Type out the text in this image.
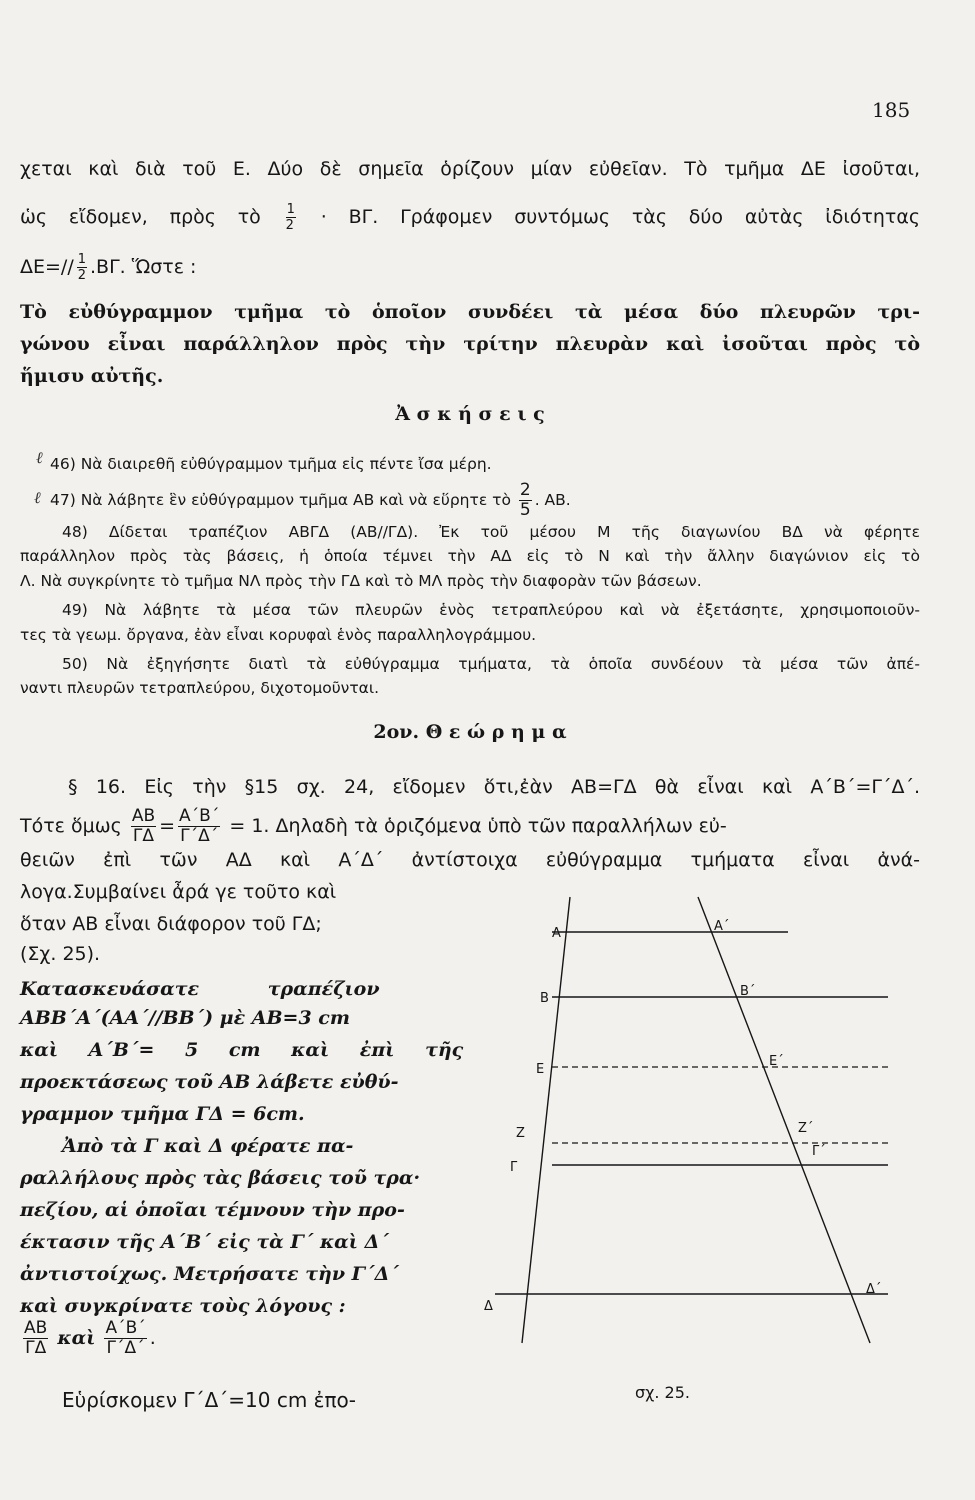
185
χεται καὶ διὰ τοῦ Ε. Δύο δὲ σημεῖα ὁρίζουν μίαν εὐθεῖαν. Τὸ τμῆμα ΔΕ ἰσοῦται,
ὡς εἴδομεν, πρὸς τὸ $\frac{1}{2} \cdot B\Gamma$. Γράφομεν συντόμως τὰς δύο αὐτὰς ἰδιότητας
$\Delta E=// \frac{1}{2} .B\Gamma$. Ὥστε :
Τὸ εὐθύγραμμον τμῆμα τὸ ὁποῖον συνδέει τὰ μέσα δύο πλευρῶν τρι-
γώνου εἶναι παράλληλον πρὸς τὴν τρίτην πλευρὰν καὶ ἰσοῦται πρὸς τὸ
ἥμισυ αὐτῆς.
Ἀ σ κ ή σ ε ι ς
ℓ 46) Νὰ διαιρεθῆ εὐθύγραμμον τμῆμα εἰς πέντε ἴσα μέρη.
ℓ 47) Νὰ λάβητε ἓν εὐθύγραμμον τμῆμα ΑΒ καὶ νὰ εὕρητε τὸ $\frac{2}{5}$ . ΑΒ.
48) Δίδεται τραπέζιον ΑΒΓΔ (ΑΒ//ΓΔ). Ἐκ τοῦ μέσου Μ τῆς διαγωνίου ΒΔ νὰ φέρητε
παράλληλον πρὸς τὰς βάσεις, ἡ ὁποία τέμνει τὴν ΑΔ εἰς τὸ Ν καὶ τὴν ἄλλην διαγώνιον εἰς τὸ
Λ. Νὰ συγκρίνητε τὸ τμῆμα ΝΛ πρὸς τὴν ΓΔ καὶ τὸ ΜΛ πρὸς τὴν διαφορὰν τῶν βάσεων.
49) Νὰ λάβητε τὰ μέσα τῶν πλευρῶν ἑνὸς τετραπλεύρου καὶ νὰ ἐξετάσητε, χρησιμοποιοῦν-
τες τὰ γεωμ. ὄργανα, ἐὰν εἶναι κορυφαὶ ἑνὸς παραλληλογράμμου.
50) Νὰ ἐξηγήσητε διατὶ τὰ εὐθύγραμμα τμήματα, τὰ ὁποῖα συνδέουν τὰ μέσα τῶν ἀπέ-
ναντι πλευρῶν τετραπλεύρου, διχοτομοῦνται.
2ον. Θ ε ώ ρ η μ α
§ 16. Εἰς τὴν §15 σχ. 24, εἴδομεν ὅτι,ἐὰν ΑΒ=ΓΔ θὰ εἶναι καὶ Α΄Β΄=Γ΄Δ΄.
Τότε ὅμως $\frac{AB}{\Gamma\Delta} = \frac{A΄B΄}{\Gamma΄\Delta΄} = 1$. Δηλαδὴ τὰ ὁριζόμενα ὑπὸ τῶν παραλλήλων εὐ-
θειῶν ἐπὶ τῶν ΑΔ καὶ Α΄Δ΄ ἀντίστοιχα εὐθύγραμμα τμήματα εἶναι ἀνά-
λογα.Συμβαίνει ἆρά γε τοῦτο καὶ
ὅταν ΑΒ εἶναι διάφορον τοῦ ΓΔ;
(Σχ. 25).
Κατασκευάσατε τραπέζιον
ΑΒΒ΄Α΄(ΑΑ΄//ΒΒ΄) μὲ ΑΒ=3 cm
καὶ Α΄Β΄= 5 cm καὶ ἐπὶ τῆς
προεκτάσεως τοῦ ΑΒ λάβετε εὐθύ-
γραμμον τμῆμα ΓΔ = 6cm.
Ἀπὸ τὰ Γ καὶ Δ φέρατε πα-
ραλλήλους πρὸς τὰς βάσεις τοῦ τρα·
πεζίου, αἱ ὁποῖαι τέμνουν τὴν προ-
έκτασιν τῆς Α΄Β΄ εἰς τὰ Γ΄ καὶ Δ΄
ἀντιστοίχως. Μετρήσατε τὴν Γ΄Δ΄
καὶ συγκρίνατε τοὺς λόγους :
$\frac{AB}{\Gamma\Delta}$ καὶ $\frac{A΄B΄}{\Gamma΄\Delta΄}$ .
Εὑρίσκομεν Γ΄Δ΄=10 cm ἐπο-
Α	Α΄
Β	Β΄
Ε
Ε΄
Ζ	Ζ΄
Γ
Γ΄
Δ
Δ΄
σχ. 25.
